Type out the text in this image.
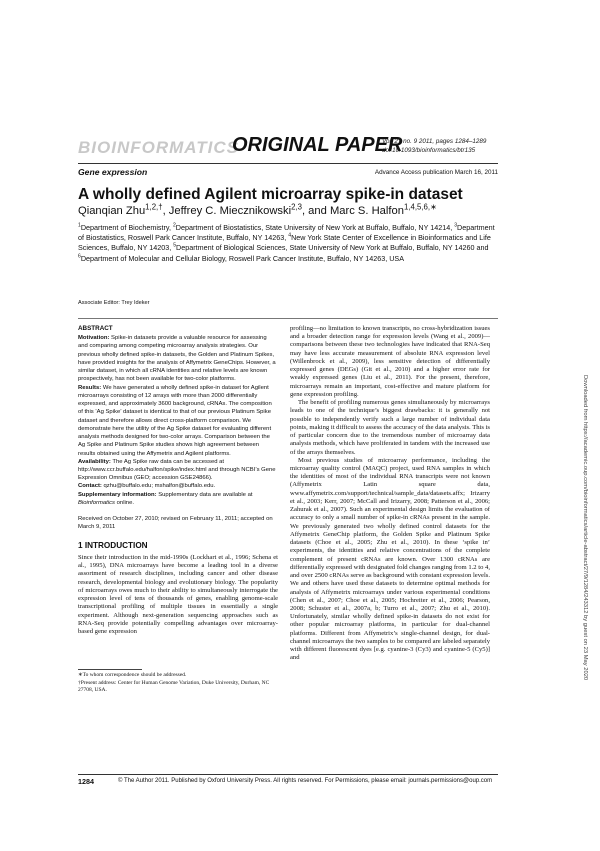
BIOINFORMATICS
ORIGINAL PAPER
Vol. 27 no. 9 2011, pages 1284–1289
doi:10.1093/bioinformatics/btr135
Gene expression	Advance Access publication March 16, 2011
A wholly defined Agilent microarray spike-in dataset
Qianqian Zhu$^{1,2,\dagger}$, Jeffrey C. Miecznikowski$^{2,3}$, and Marc S. Halfon$^{1,4,5,6,∗}$
$^1$Department of Biochemistry, $^2$Department of Biostatistics, State University of New York at Buffalo, Buffalo, NY 14214, $^3$Department of Biostatistics, Roswell Park Cancer Institute, Buffalo, NY 14263, $^4$New York State Center of Excellence in Bioinformatics and Life Sciences, Buffalo, NY 14203, $^5$Department of Biological Sciences, State University of New York at Buffalo, Buffalo, NY 14260 and $^6$Department of Molecular and Cellular Biology, Roswell Park Cancer Institute, Buffalo, NY 14263, USA
Associate Editor: Trey Ideker
ABSTRACT

Motivation: Spike-in datasets provide a valuable resource for assessing and comparing among competing microarray analysis strategies. Our previous wholly defined spike-in datasets, the Golden and Platinum Spikes, have provided insights for the analysis of Affymetrix GeneChips. However, a similar dataset, in which all cRNA identities and relative levels are known prospectively, has not been available for two-color platforms.

Results: We have generated a wholly defined spike-in dataset for Agilent microarrays consisting of 12 arrays with more than 2000 differentially expressed, and approximately 3600 background, cRNAs. The composition of this ‘Ag Spike’ dataset is identical to that of our previous Platinum Spike dataset and therefore allows direct cross-platform comparison. We demonstrate here the utility of the Ag Spike dataset for evaluating different analysis methods designed for two-color arrays. Comparison between the Ag Spike and Platinum Spike studies shows high agreement between results obtained using the Affymetrix and Agilent platforms.

Availability: The Ag Spike raw data can be accessed at http://www.ccr.buffalo.edu/halfon/spike/index.html and through NCBI’s Gene Expression Omnibus (GEO; accession GSE24866).

Contact: qzhu@buffalo.edu; mshalfon@buffalo.edu.

Supplementary information: Supplementary data are available at Bioinformatics online.

Received on October 27, 2010; revised on February 11, 2011; accepted on March 9, 2011

1 INTRODUCTION

Since their introduction in the mid-1990s (Lockhart et al., 1996; Schena et al., 1995), DNA microarrays have become a leading tool in a diverse assortment of research disciplines, including cancer and other disease research, developmental biology and evolutionary biology. The popularity of microarrays owes much to their ability to simultaneously interrogate the expression level of tens of thousands of genes, enabling genome-scale transcriptional profiling of multiple tissues in essentially a single experiment. Although next-generation sequencing approaches such as RNA-Seq provide potentially compelling advantages over microarray-based gene expression

∗To whom correspondence should be addressed.
†Present address: Center for Human Genome Variation, Duke University, Durham, NC 27708, USA.

profiling—no limitation to known transcripts, no cross-hybridization issues and a broader detection range for expression levels (Wang et al., 2009)—comparisons between these two technologies have indicated that RNA-Seq may have less accurate measurement of absolute RNA expression level (Willenbrock et al., 2009), less sensitive detection of differentially expressed genes (DEGs) (Git et al., 2010) and a higher error rate for weakly expressed genes (Liu et al., 2011). For the present, therefore, microarrays remain an important, cost-effective and mature platform for gene expression profiling.

The benefit of profiling numerous genes simultaneously by microarrays leads to one of the technique’s biggest drawbacks: it is generally not possible to independently verify such a large number of individual data points, making it difficult to assess the accuracy of the data analysis. This is of particular concern due to the tremendous number of microarray data analysis methods, which have proliferated in tandem with the increased use of the arrays themselves.

Most previous studies of microarray performance, including the microarray quality control (MAQC) project, used RNA samples in which the identities of most of the individual RNA transcripts were not known (Affymetrix Latin square data, www.affymetrix.com/support/technical/sample_data/datasets.affx; Irizarry et al., 2003; Kerr, 2007; McCall and Irizarry, 2008; Patterson et al., 2006; Zahurak et al., 2007). Such an experimental design limits the evaluation of accuracy to only a small number of spike-in cRNAs present in the sample. We previously generated two wholly defined control datasets for the Affymetrix GeneChip platform, the Golden Spike and Platinum Spike datasets (Choe et al., 2005; Zhu et al., 2010). In these ‘spike in’ experiments, the identities and relative concentrations of the complete complement of present cRNAs are known. Over 1300 cRNAs are differentially expressed with designated fold changes ranging from 1.2 to 4, and over 2500 cRNAs serve as background with constant expression levels. We and others have used these datasets to determine optimal methods for analysis of Affymetrix microarrays under various experimental conditions (Chen et al., 2007; Choe et al., 2005; Hochreiter et al., 2006; Pearson, 2008; Schuster et al., 2007a, b; Turro et al., 2007; Zhu et al., 2010). Unfortunately, similar wholly defined spike-in datasets do not exist for other popular microarray platforms, in particular for dual-channel platforms. Different from Affymetrix’s single-channel design, for dual-channel microarrays the two samples to be compared are labeled separately with different fluorescent dyes [e.g. cyanine-3 (Cy3) and cyanine-5 (Cy5)] and

1284	© The Author 2011. Published by Oxford University Press. All rights reserved. For Permissions, please email: journals.permissions@oup.com
Downloaded from https://academic.oup.com/bioinformatics/article-abstract/27/9/1284/243312 by guest on 23 May 2020
